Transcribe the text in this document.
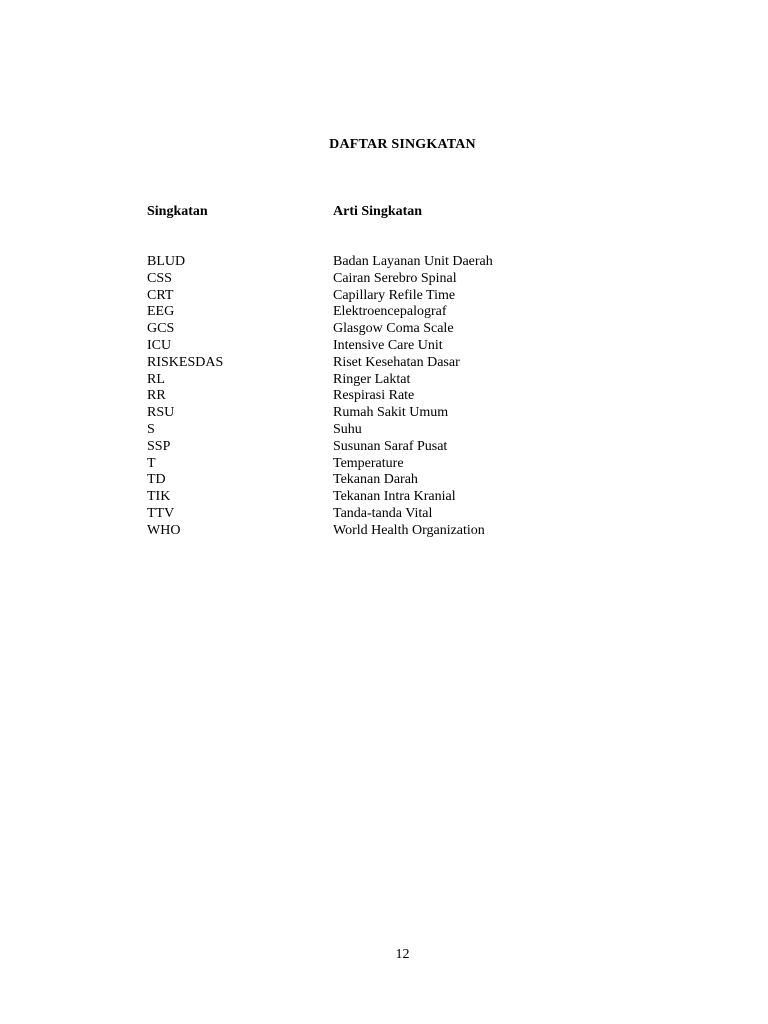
DAFTAR SINGKATAN
Singkatan	Arti Singkatan
BLUD	Badan Layanan Unit Daerah
CSS	Cairan Serebro Spinal
CRT	Capillary Refile Time
EEG	Elektroencepalograf
GCS	Glasgow Coma Scale
ICU	Intensive Care Unit
RISKESDAS	Riset Kesehatan Dasar
RL	Ringer Laktat
RR	Respirasi Rate
RSU	Rumah Sakit Umum
S	Suhu
SSP	Susunan Saraf Pusat
T	Temperature
TD	Tekanan Darah
TIK	Tekanan Intra Kranial
TTV	Tanda-tanda Vital
WHO	World Health Organization
12
